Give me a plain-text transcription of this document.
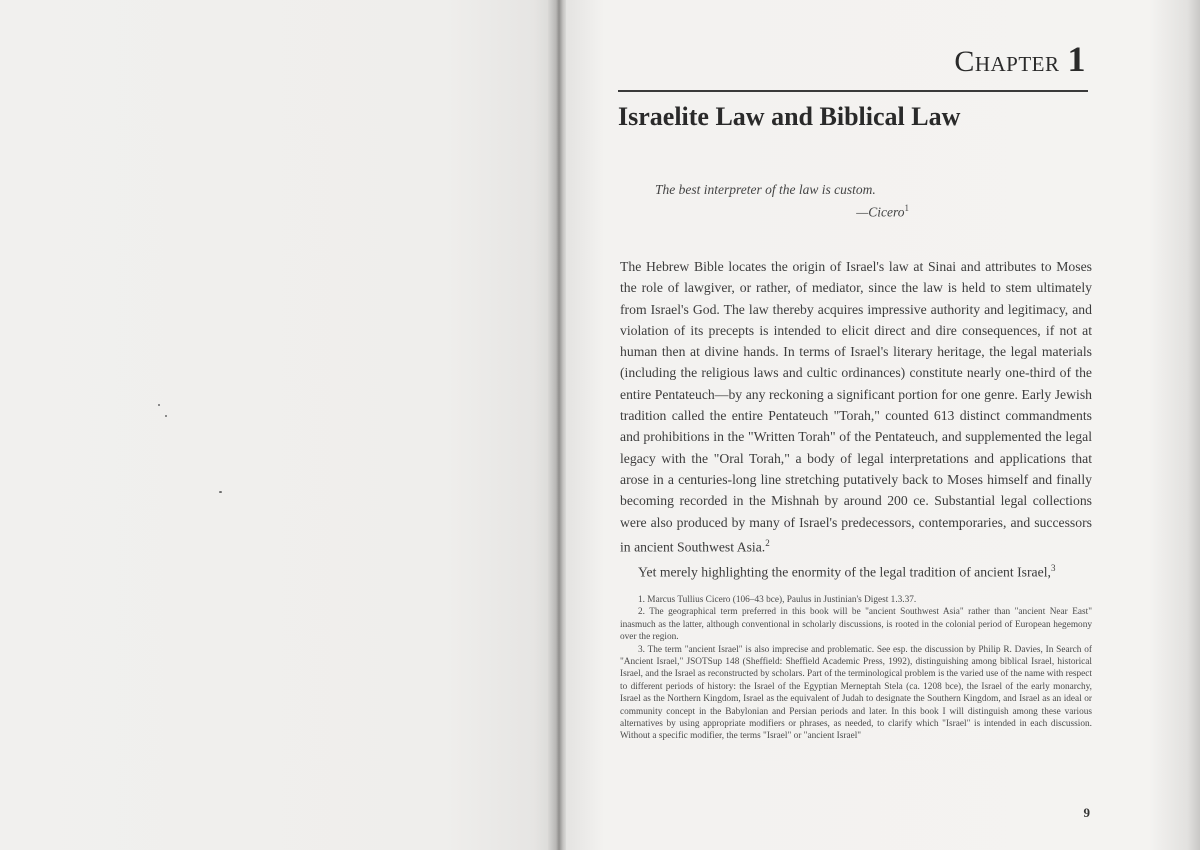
Chapter 1
Israelite Law and Biblical Law
The best interpreter of the law is custom.
—Cicero$^1$

The Hebrew Bible locates the origin of Israel's law at Sinai and attributes to Moses the role of lawgiver, or rather, of mediator, since the law is held to stem ultimately from Israel's God. The law thereby acquires impressive authority and legitimacy, and violation of its precepts is intended to elicit direct and dire consequences, if not at human then at divine hands. In terms of Israel's literary heritage, the legal materials (including the religious laws and cultic ordinances) constitute nearly one-third of the entire Pentateuch—by any reckoning a significant portion for one genre. Early Jewish tradition called the entire Pentateuch "Torah," counted 613 distinct commandments and prohibitions in the "Written Torah" of the Pentateuch, and supplemented the legal legacy with the "Oral Torah," a body of legal interpretations and applications that arose in a centuries-long line stretching putatively back to Moses himself and finally becoming recorded in the Mishnah by around 200 ce. Substantial legal collections were also produced by many of Israel's predecessors, contemporaries, and successors in ancient Southwest Asia.$^2$

Yet merely highlighting the enormity of the legal tradition of ancient Israel,$^3$

1. Marcus Tullius Cicero (106–43 bce), Paulus in Justinian's Digest 1.3.37.

2. The geographical term preferred in this book will be "ancient Southwest Asia" rather than "ancient Near East" inasmuch as the latter, although conventional in scholarly discussions, is rooted in the colonial period of European hegemony over the region.

3. The term "ancient Israel" is also imprecise and problematic. See esp. the discussion by Philip R. Davies, In Search of "Ancient Israel," JSOTSup 148 (Sheffield: Sheffield Academic Press, 1992), distinguishing among biblical Israel, historical Israel, and the Israel as reconstructed by scholars. Part of the terminological problem is the varied use of the name with respect to different periods of history: the Israel of the Egyptian Merneptah Stela (ca. 1208 bce), the Israel of the early monarchy, Israel as the Northern Kingdom, Israel as the equivalent of Judah to designate the Southern Kingdom, and Israel as an ideal or community concept in the Babylonian and Persian periods and later. In this book I will distinguish among these various alternatives by using appropriate modifiers or phrases, as needed, to clarify which "Israel" is intended in each discussion. Without a specific modifier, the terms "Israel" or "ancient Israel"

9
